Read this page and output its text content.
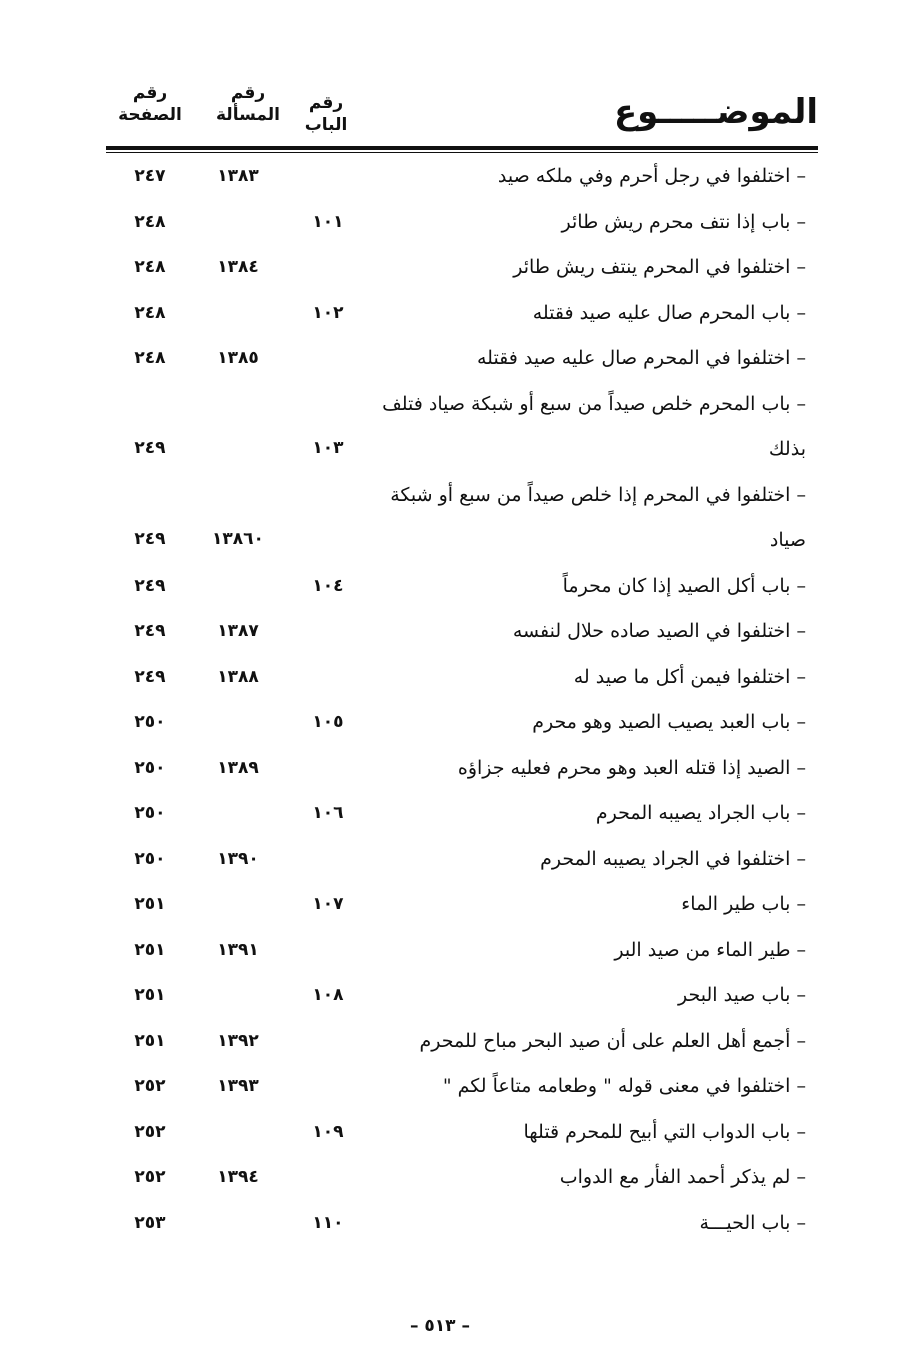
رقم
الصفحة
رقم
المسألة
رقم
الباب	الموضـــــوع
– اختلفوا في رجل أحرم وفي ملكه صيد
١٣٨٣
٢٤٧
– باب إذا نتف محرم ريش طائر
١٠١
٢٤٨
– اختلفوا في المحرم ينتف ريش طائر
١٣٨٤
٢٤٨
– باب المحرم صال عليه صيد فقتله
١٠٢
٢٤٨
– اختلفوا في المحرم صال عليه صيد فقتله
١٣٨٥
٢٤٨
– باب المحرم خلص صيداً من سبع أو شبكة صياد فتلف بذلك
١٠٣
٢٤٩
– اختلفوا في المحرم إذا خلص صيداً من سبع أو شبكة صياد
١٣٨٦٠
٢٤٩
– باب أكل الصيد إذا كان محرماً
١٠٤
٢٤٩
– اختلفوا في الصيد صاده حلال لنفسه
١٣٨٧
٢٤٩
– اختلفوا فيمن أكل ما صيد له
١٣٨٨
٢٤٩
– باب العبد يصيب الصيد وهو محرم
١٠٥
٢٥٠
– الصيد إذا قتله العبد وهو محرم فعليه جزاؤه
١٣٨٩
٢٥٠
– باب الجراد يصيبه المحرم
١٠٦
٢٥٠
– اختلفوا في الجراد يصيبه المحرم
١٣٩٠
٢٥٠
– باب طير الماء
١٠٧
٢٥١
– طير الماء من صيد البر
١٣٩١
٢٥١
– باب صيد البحر
١٠٨
٢٥١
– أجمع أهل العلم على أن صيد البحر مباح للمحرم
١٣٩٢
٢٥١
– اختلفوا في معنى قوله " وطعامه متاعاً لكم "
١٣٩٣
٢٥٢
– باب الدواب التي أبيح للمحرم قتلها
١٠٩
٢٥٢
– لم يذكر أحمد الفأر مع الدواب
١٣٩٤
٢٥٢
– باب الحيـــة
١١٠
٢٥٣
– ٥١٣ –
